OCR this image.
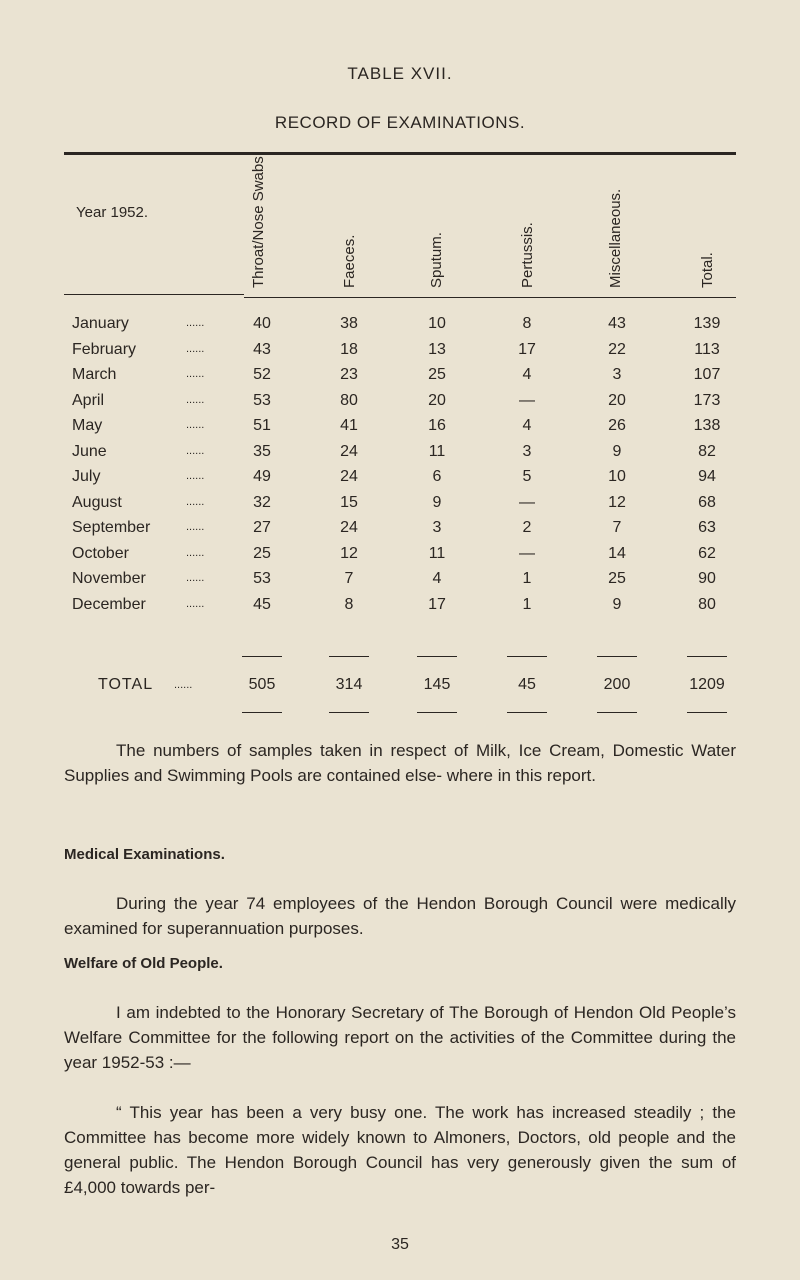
TABLE XVII.
RECORD OF EXAMINATIONS.
Year 1952.	Throat/Nose Swabs.	Faeces.	Sputum.	Pertussis.	Miscellaneous.	Total.
January	......	40	38	10	8	43	139
February	......	43	18	13	17	22	113
March	......	52	23	25	4	3	107
April	......	53	80	20	—	20	173
May	......	51	41	16	4	26	138
June	......	35	24	11	3	9	82
July	......	49	24	6	5	10	94
August	......	32	15	9	—	12	68
September	......	27	24	3	2	7	63
October	......	25	12	11	—	14	62
November	......	53	7	4	1	25	90
December	......	45	8	17	1	9	80
TOTAL ......	505	314	145	45	200	1209
The numbers of samples taken in respect of Milk, Ice Cream, Domestic Water Supplies and Swimming Pools are contained else- where in this report.
Medical Examinations.
During the year 74 employees of the Hendon Borough Council were medically examined for superannuation purposes.
Welfare of Old People.
I am indebted to the Honorary Secretary of The Borough of Hendon Old People’s Welfare Committee for the following report on the activities of the Committee during the year 1952-53 :—
“ This year has been a very busy one. The work has increased steadily ; the Committee has become more widely known to Almoners, Doctors, old people and the general public. The Hendon Borough Council has very generously given the sum of £4,000 towards per-
35
